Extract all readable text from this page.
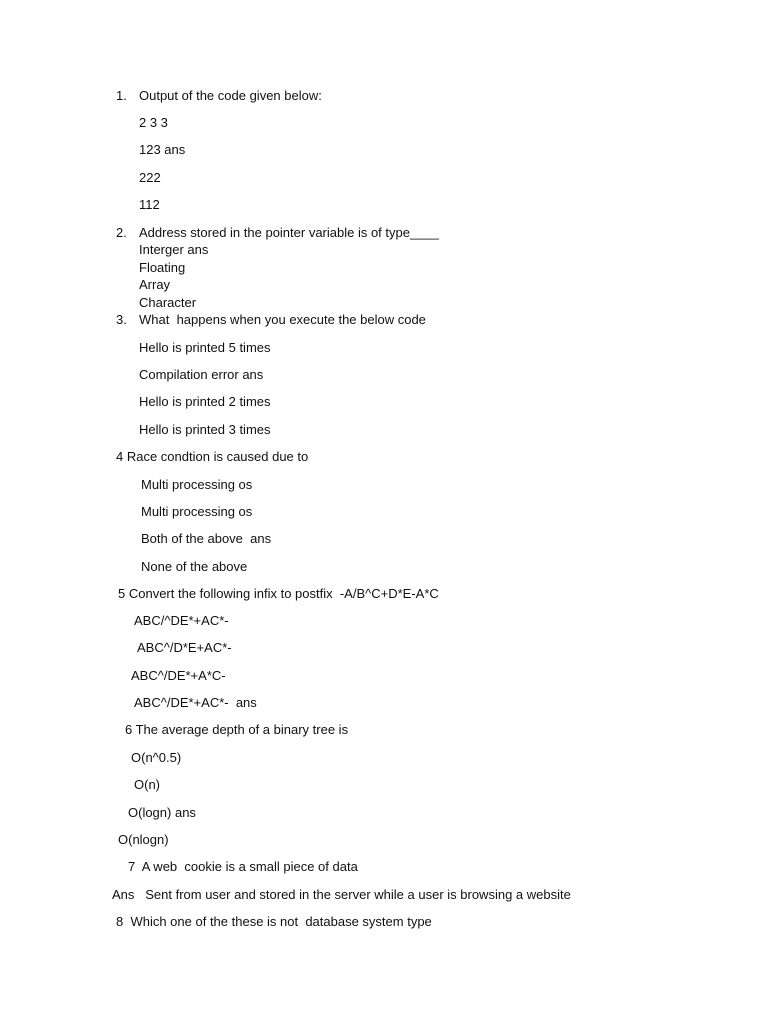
1. Output of the code given below:

2 3 3

123 ans

222

112

2. Address stored in the pointer variable is of type____

Interger ans

Floating

Array

Character

3. What  happens when you execute the below code

Hello is printed 5 times

Compilation error ans

Hello is printed 2 times

Hello is printed 3 times

4 Race condtion is caused due to

Multi processing os

Multi processing os

Both of the above  ans

None of the above

5 Convert the following infix to postfix  -A/B^C+D*E-A*C

ABC/^DE*+AC*-

ABC^/D*E+AC*-

ABC^/DE*+A*C-

ABC^/DE*+AC*-  ans

6 The average depth of a binary tree is

O(n^0.5)

O(n)

O(logn) ans

O(nlogn)

7  A web  cookie is a small piece of data

Ans   Sent from user and stored in the server while a user is browsing a website

8  Which one of the these is not  database system type
